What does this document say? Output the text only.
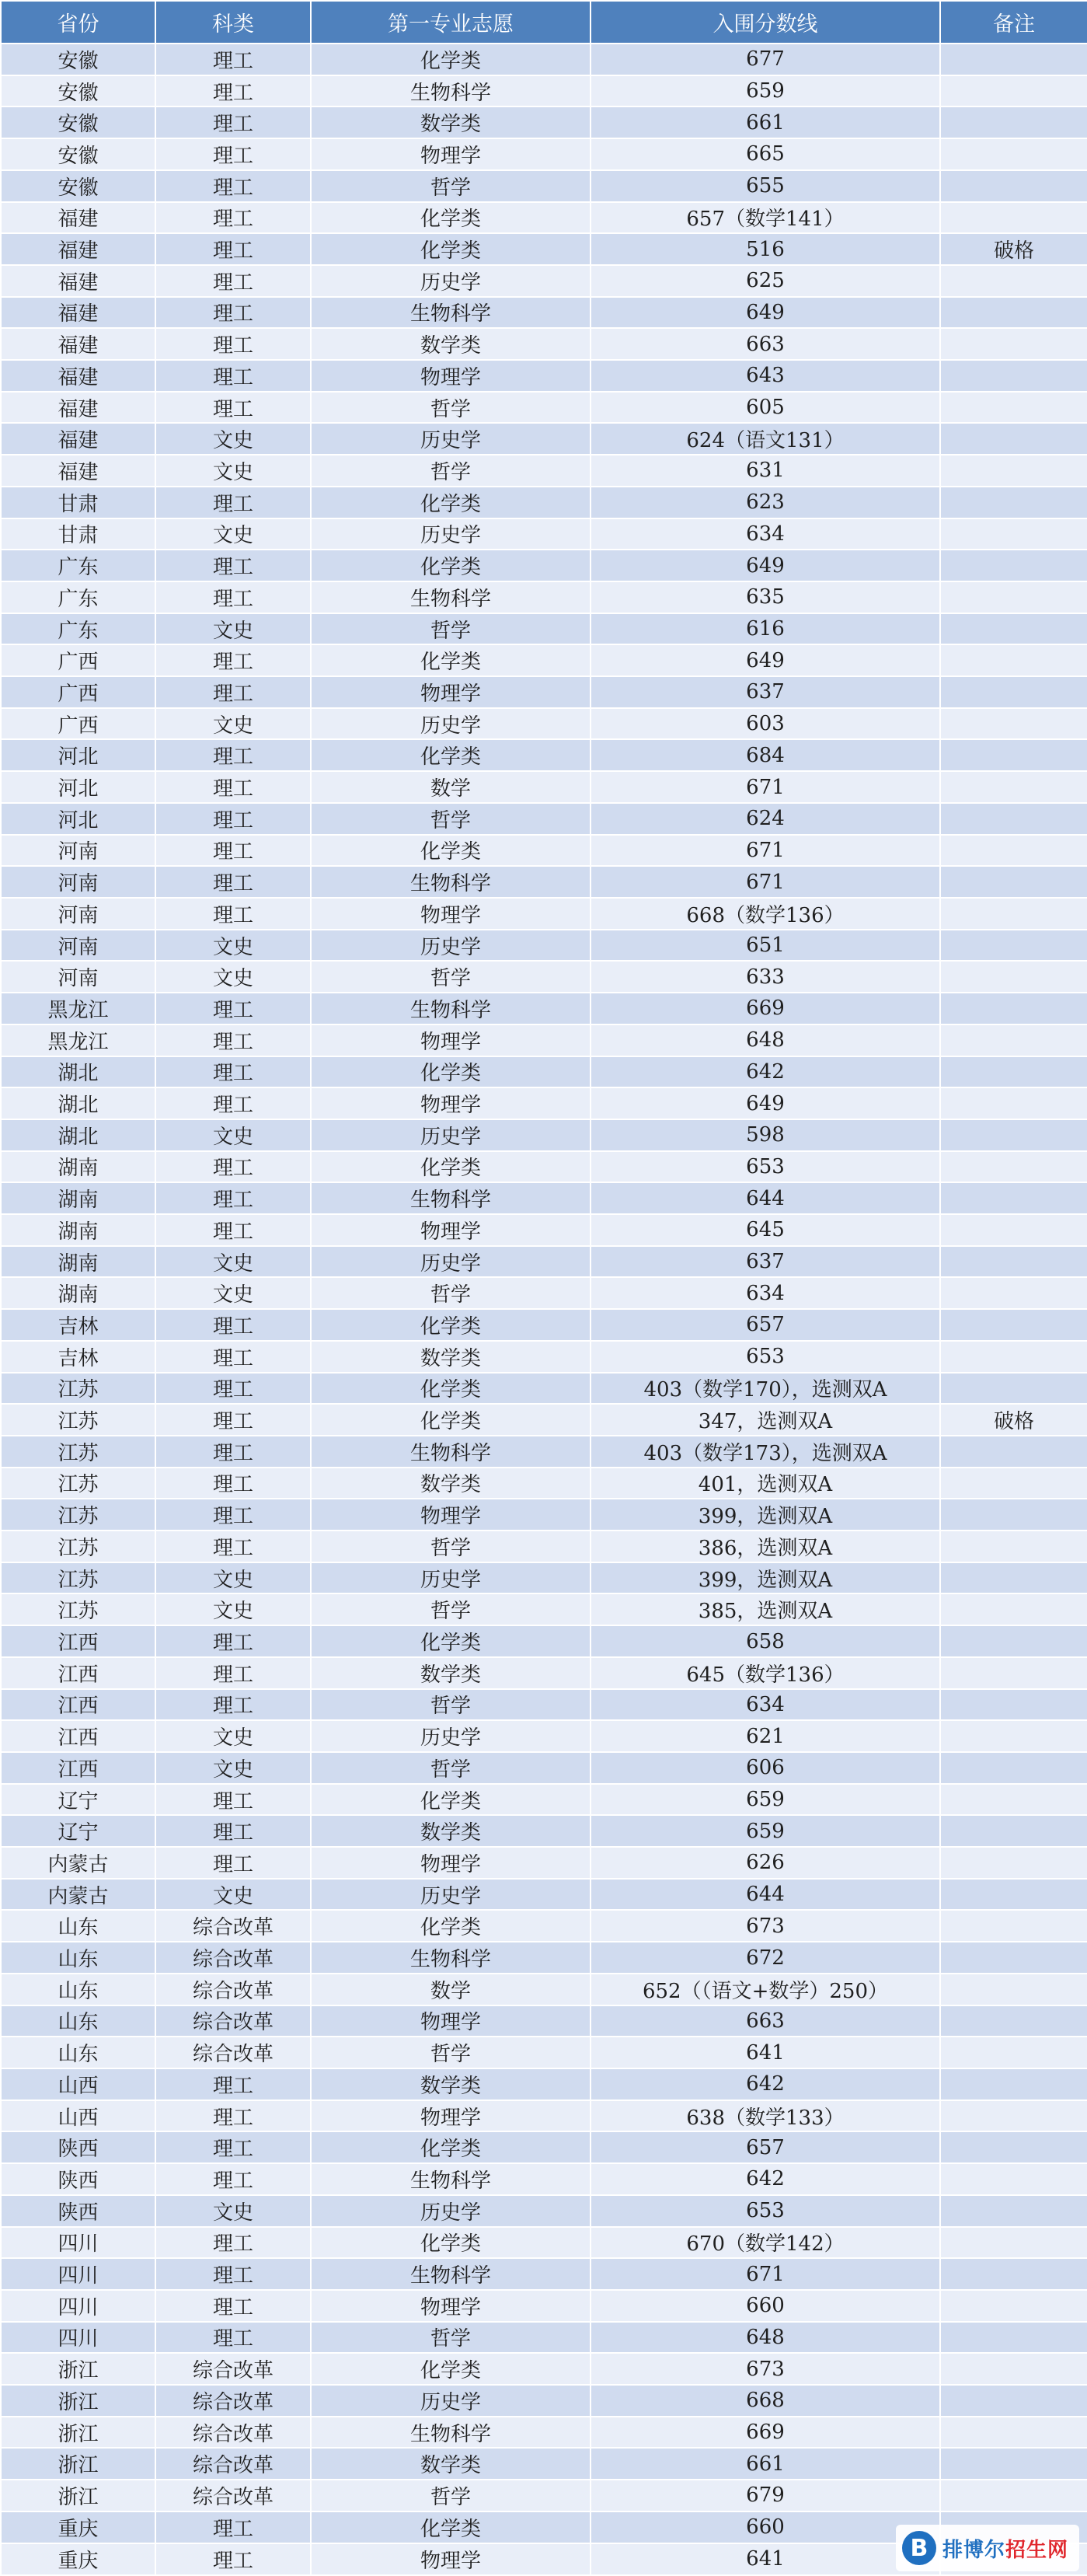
省份	科类	第一专业志愿	入围分数线	备注
安徽	理工	化学类	677	
安徽	理工	生物科学	659	
安徽	理工	数学类	661	
安徽	理工	物理学	665	
安徽	理工	哲学	655	
福建	理工	化学类	657（数学141）	
福建	理工	化学类	516	破格
福建	理工	历史学	625	
福建	理工	生物科学	649	
福建	理工	数学类	663	
福建	理工	物理学	643	
福建	理工	哲学	605	
福建	文史	历史学	624（语文131）	
福建	文史	哲学	631	
甘肃	理工	化学类	623	
甘肃	文史	历史学	634	
广东	理工	化学类	649	
广东	理工	生物科学	635	
广东	文史	哲学	616	
广西	理工	化学类	649	
广西	理工	物理学	637	
广西	文史	历史学	603	
河北	理工	化学类	684	
河北	理工	数学	671	
河北	理工	哲学	624	
河南	理工	化学类	671	
河南	理工	生物科学	671	
河南	理工	物理学	668（数学136）	
河南	文史	历史学	651	
河南	文史	哲学	633	
黑龙江	理工	生物科学	669	
黑龙江	理工	物理学	648	
湖北	理工	化学类	642	
湖北	理工	物理学	649	
湖北	文史	历史学	598	
湖南	理工	化学类	653	
湖南	理工	生物科学	644	
湖南	理工	物理学	645	
湖南	文史	历史学	637	
湖南	文史	哲学	634	
吉林	理工	化学类	657	
吉林	理工	数学类	653	
江苏	理工	化学类	403（数学170），选测双A	
江苏	理工	化学类	347，选测双A	破格
江苏	理工	生物科学	403（数学173），选测双A	
江苏	理工	数学类	401，选测双A	
江苏	理工	物理学	399，选测双A	
江苏	理工	哲学	386，选测双A	
江苏	文史	历史学	399，选测双A	
江苏	文史	哲学	385，选测双A	
江西	理工	化学类	658	
江西	理工	数学类	645（数学136）	
江西	理工	哲学	634	
江西	文史	历史学	621	
江西	文史	哲学	606	
辽宁	理工	化学类	659	
辽宁	理工	数学类	659	
内蒙古	理工	物理学	626	
内蒙古	文史	历史学	644	
山东	综合改革	化学类	673	
山东	综合改革	生物科学	672	
山东	综合改革	数学	652（（语文+数学）250）	
山东	综合改革	物理学	663	
山东	综合改革	哲学	641	
山西	理工	数学类	642	
山西	理工	物理学	638（数学133）	
陕西	理工	化学类	657	
陕西	理工	生物科学	642	
陕西	文史	历史学	653	
四川	理工	化学类	670（数学142）	
四川	理工	生物科学	671	
四川	理工	物理学	660	
四川	理工	哲学	648	
浙江	综合改革	化学类	673	
浙江	综合改革	历史学	668	
浙江	综合改革	生物科学	669	
浙江	综合改革	数学类	661	
浙江	综合改革	哲学	679	
重庆	理工	化学类	660	
重庆	理工	物理学	641		B 排博尔招生网
